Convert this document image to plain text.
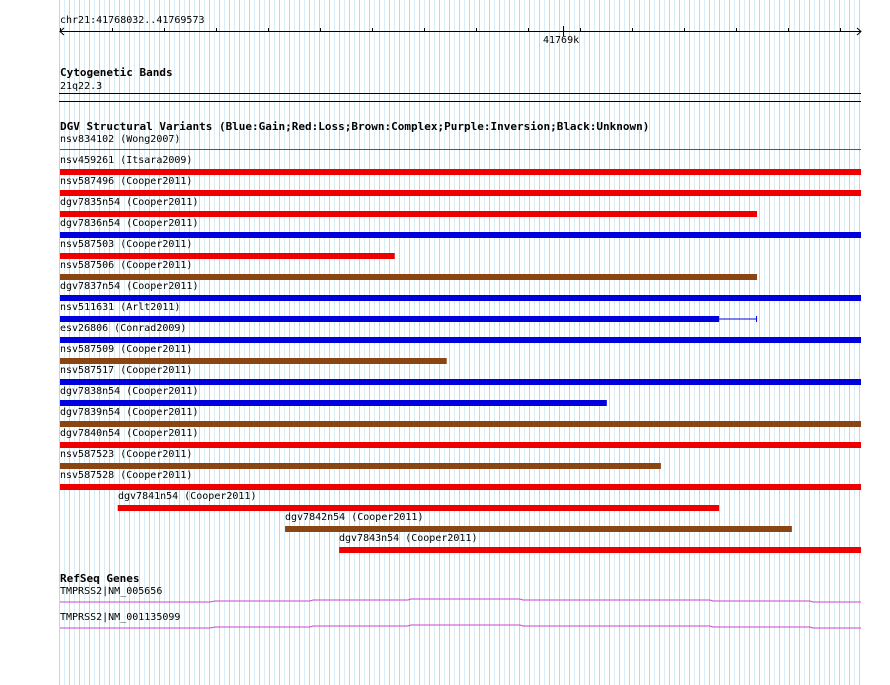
chr21:41768032..41769573
41769k
Cytogenetic Bands
21q22.3
DGV Structural Variants (Blue:Gain;Red:Loss;Brown:Complex;Purple:Inversion;Black:Unknown)
RefSeq Genes
nsv834102 (Wong2007)
nsv459261 (Itsara2009)
nsv587496 (Cooper2011)
dgv7835n54 (Cooper2011)
dgv7836n54 (Cooper2011)
nsv587503 (Cooper2011)
nsv587506 (Cooper2011)
dgv7837n54 (Cooper2011)
nsv511631 (Arlt2011)
esv26806 (Conrad2009)
nsv587509 (Cooper2011)
nsv587517 (Cooper2011)
dgv7838n54 (Cooper2011)
dgv7839n54 (Cooper2011)
dgv7840n54 (Cooper2011)
nsv587523 (Cooper2011)
nsv587528 (Cooper2011)
dgv7841n54 (Cooper2011)
dgv7842n54 (Cooper2011)
dgv7843n54 (Cooper2011)
TMPRSS2|NM_005656
TMPRSS2|NM_001135099
